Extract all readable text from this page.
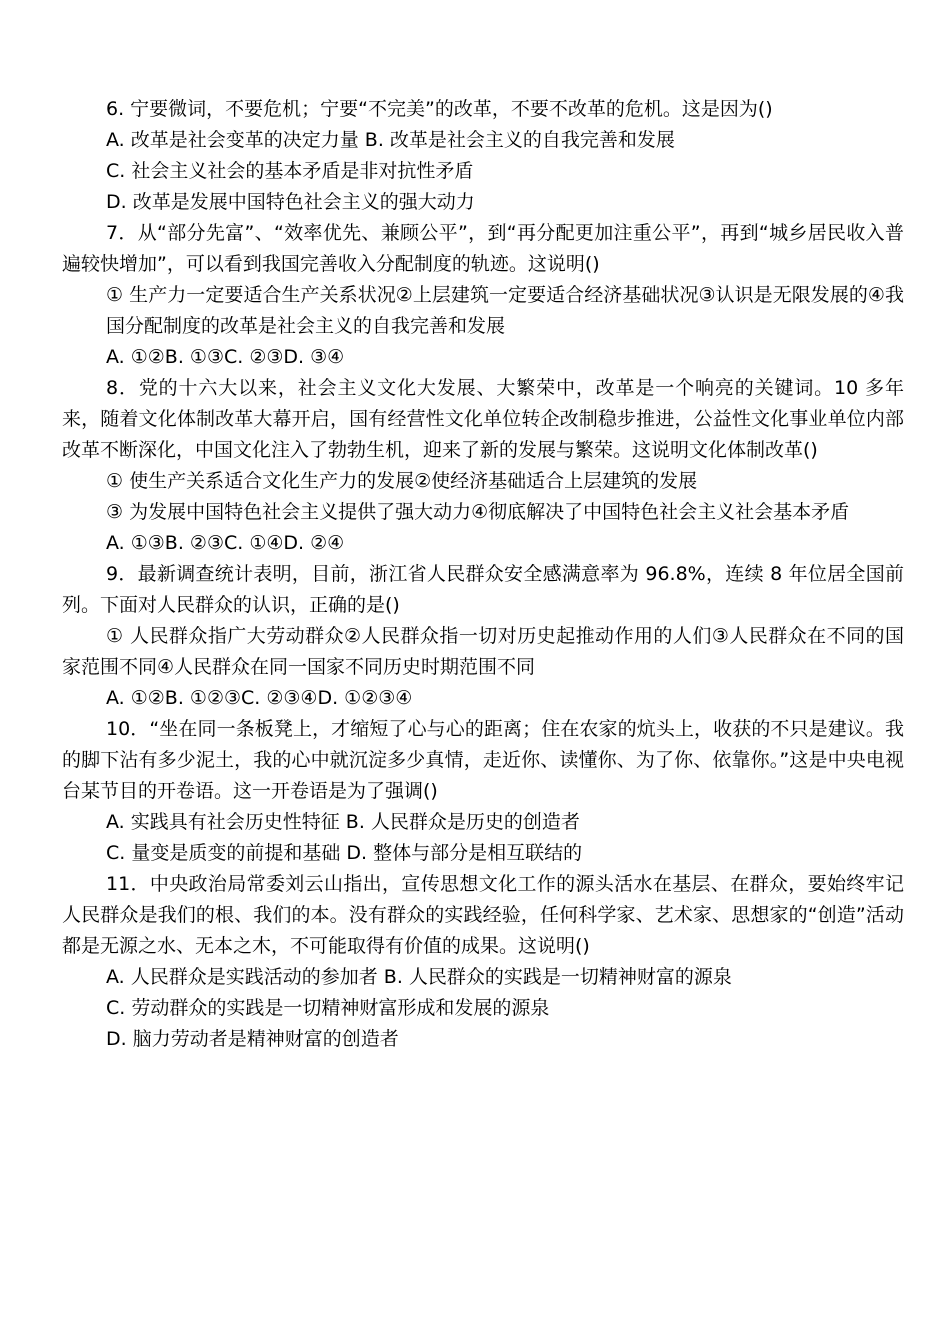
6. 宁要微词，不要危机；宁要“不完美”的改革，不要不改革的危机。这是因为()

A. 改革是社会变革的决定力量 B. 改革是社会主义的自我完善和发展

C. 社会主义社会的基本矛盾是非对抗性矛盾

D. 改革是发展中国特色社会主义的强大动力

7．从“部分先富”、“效率优先、兼顾公平”，到“再分配更加注重公平”，再到“城乡居民收入普遍较快增加”，可以看到我国完善收入分配制度的轨迹。这说明()

① 生产力一定要适合生产关系状况②上层建筑一定要适合经济基础状况③认识是无限发展的④我国分配制度的改革是社会主义的自我完善和发展

A. ①②B. ①③C. ②③D. ③④

8．党的十六大以来，社会主义文化大发展、大繁荣中，改革是一个响亮的关键词。10 多年来，随着文化体制改革大幕开启，国有经营性文化单位转企改制稳步推进，公益性文化事业单位内部改革不断深化，中国文化注入了勃勃生机，迎来了新的发展与繁荣。这说明文化体制改革()

① 使生产关系适合文化生产力的发展②使经济基础适合上层建筑的发展

③ 为发展中国特色社会主义提供了强大动力④彻底解决了中国特色社会主义社会基本矛盾

A. ①③B. ②③C. ①④D. ②④

9．最新调查统计表明，目前，浙江省人民群众安全感满意率为 96.8%，连续 8 年位居全国前列。下面对人民群众的认识，正确的是()

① 人民群众指广大劳动群众②人民群众指一切对历史起推动作用的人们③人民群众在不同的国家范围不同④人民群众在同一国家不同历史时期范围不同

A. ①②B. ①②③C. ②③④D. ①②③④

10．“坐在同一条板凳上，才缩短了心与心的距离；住在农家的炕头上，收获的不只是建议。我的脚下沾有多少泥土，我的心中就沉淀多少真情，走近你、读懂你、为了你、依靠你。”这是中央电视台某节目的开卷语。这一开卷语是为了强调()

A. 实践具有社会历史性特征 B. 人民群众是历史的创造者

C. 量变是质变的前提和基础 D. 整体与部分是相互联结的

11．中央政治局常委刘云山指出，宣传思想文化工作的源头活水在基层、在群众，要始终牢记人民群众是我们的根、我们的本。没有群众的实践经验，任何科学家、艺术家、思想家的“创造”活动都是无源之水、无本之木，不可能取得有价值的成果。这说明()

A. 人民群众是实践活动的参加者 B. 人民群众的实践是一切精神财富的源泉

C. 劳动群众的实践是一切精神财富形成和发展的源泉

D. 脑力劳动者是精神财富的创造者
